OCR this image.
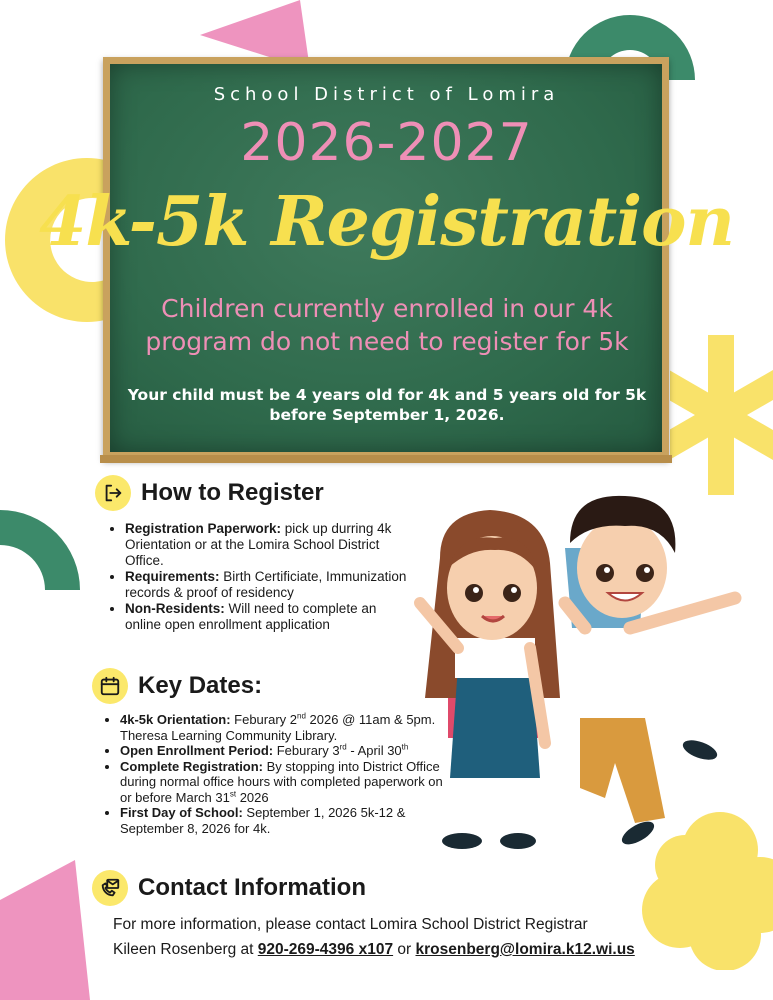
School District of Lomira
2026-2027
4k-5k Registration
Children currently enrolled in our 4k program do not need to register for 5k
Your child must be 4 years old for 4k and 5 years old for 5k before September 1, 2026.
How to Register
• Registration Paperwork: pick up durring 4k Orientation or at the Lomira School District Office.
• Requirements: Birth Certificiate, Immunization records & proof of residency
• Non-Residents: Will need to complete an online open enrollment application
Key Dates:
• 4k-5k Orientation: Feburary 2nd 2026 @ 11am & 5pm. Theresa Learning Community Library.
• Open Enrollment Period: Feburary 3rd - April 30th
• Complete Registration: By stopping into District Office during normal office hours with completed paperwork on or before March 31st 2026
• First Day of School: September 1, 2026 5k-12 & September 8, 2026 for 4k.
Contact Information
For more information, please contact Lomira School District Registrar
Kileen Rosenberg at 920-269-4396 x107 or krosenberg@lomira.k12.wi.us
